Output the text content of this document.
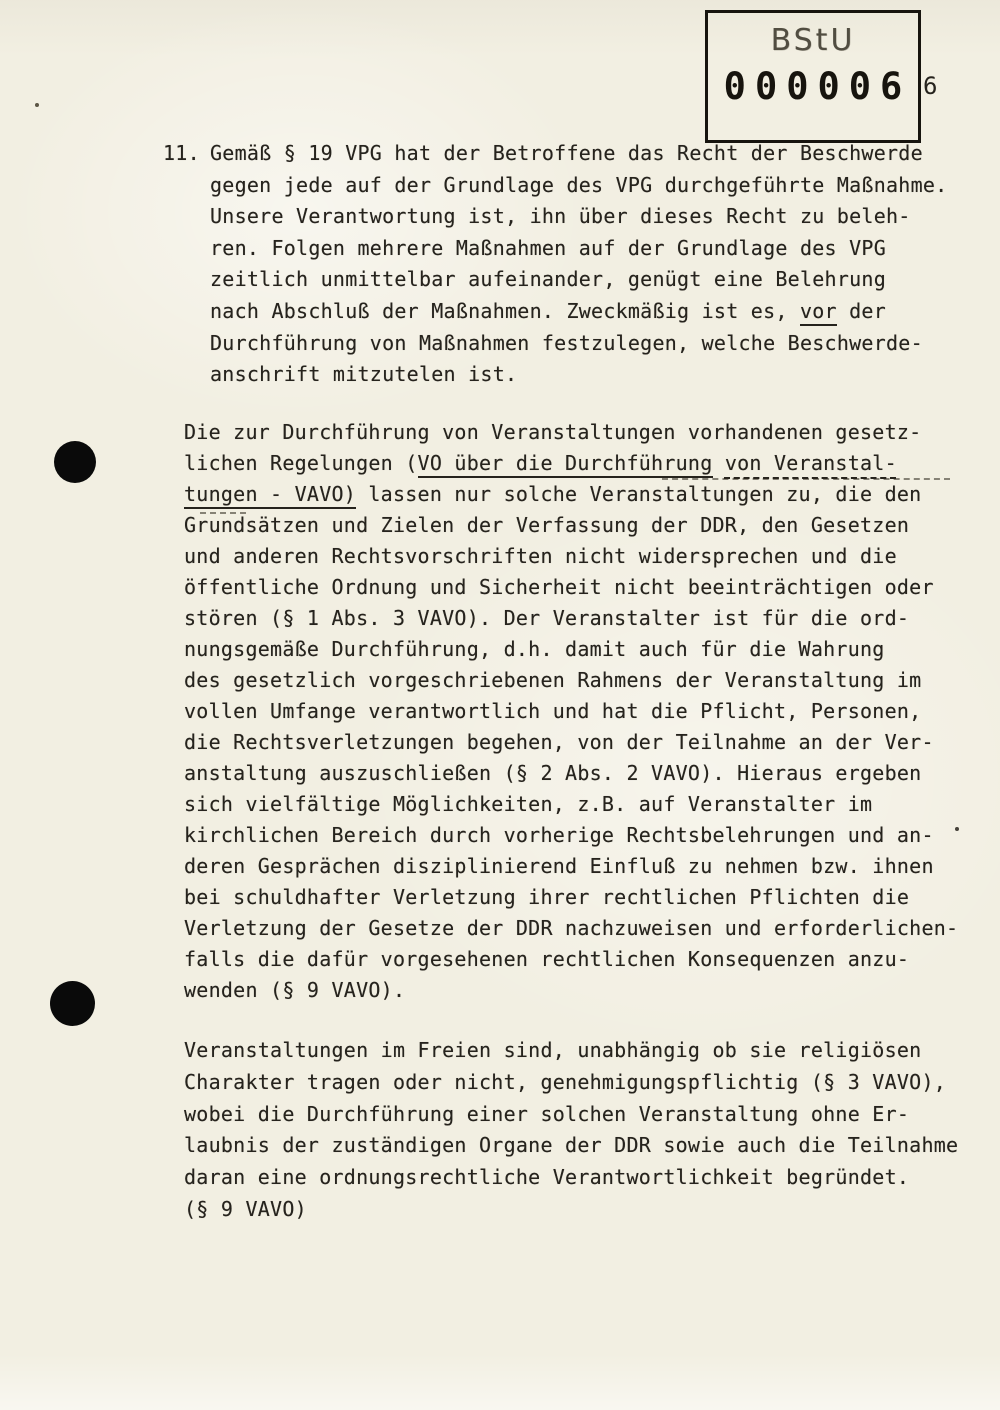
BStU
000006 6
11. Gemäß § 19 VPG hat der Betroffene das Recht der Beschwerde
gegen jede auf der Grundlage des VPG durchgeführte Maßnahme.
Unsere Verantwortung ist, ihn über dieses Recht zu beleh-
ren. Folgen mehrere Maßnahmen auf der Grundlage des VPG
zeitlich unmittelbar aufeinander, genügt eine Belehrung
nach Abschluß der Maßnahmen. Zweckmäßig ist es, vor der
Durchführung von Maßnahmen festzulegen, welche Beschwerde-
anschrift mitzutelen ist.
Die zur Durchführung von Veranstaltungen vorhandenen gesetz-
lichen Regelungen (VO über die Durchführung von Veranstal-
tungen - VAVO) lassen nur solche Veranstaltungen zu, die den
Grundsätzen und Zielen der Verfassung der DDR, den Gesetzen
und anderen Rechtsvorschriften nicht widersprechen und die
öffentliche Ordnung und Sicherheit nicht beeinträchtigen oder
stören (§ 1 Abs. 3 VAVO). Der Veranstalter ist für die ord-
nungsgemäße Durchführung, d.h. damit auch für die Wahrung
des gesetzlich vorgeschriebenen Rahmens der Veranstaltung im
vollen Umfange verantwortlich und hat die Pflicht, Personen,
die Rechtsverletzungen begehen, von der Teilnahme an der Ver-
anstaltung auszuschließen (§ 2 Abs. 2 VAVO). Hieraus ergeben
sich vielfältige Möglichkeiten, z.B. auf Veranstalter im
kirchlichen Bereich durch vorherige Rechtsbelehrungen und an-
deren Gesprächen disziplinierend Einfluß zu nehmen bzw. ihnen
bei schuldhafter Verletzung ihrer rechtlichen Pflichten die
Verletzung der Gesetze der DDR nachzuweisen und erforderlichen-
falls die dafür vorgesehenen rechtlichen Konsequenzen anzu-
wenden (§ 9 VAVO).
Veranstaltungen im Freien sind, unabhängig ob sie religiösen
Charakter tragen oder nicht, genehmigungspflichtig (§ 3 VAVO),
wobei die Durchführung einer solchen Veranstaltung ohne Er-
laubnis der zuständigen Organe der DDR sowie auch die Teilnahme
daran eine ordnungsrechtliche Verantwortlichkeit begründet.
(§ 9 VAVO)
